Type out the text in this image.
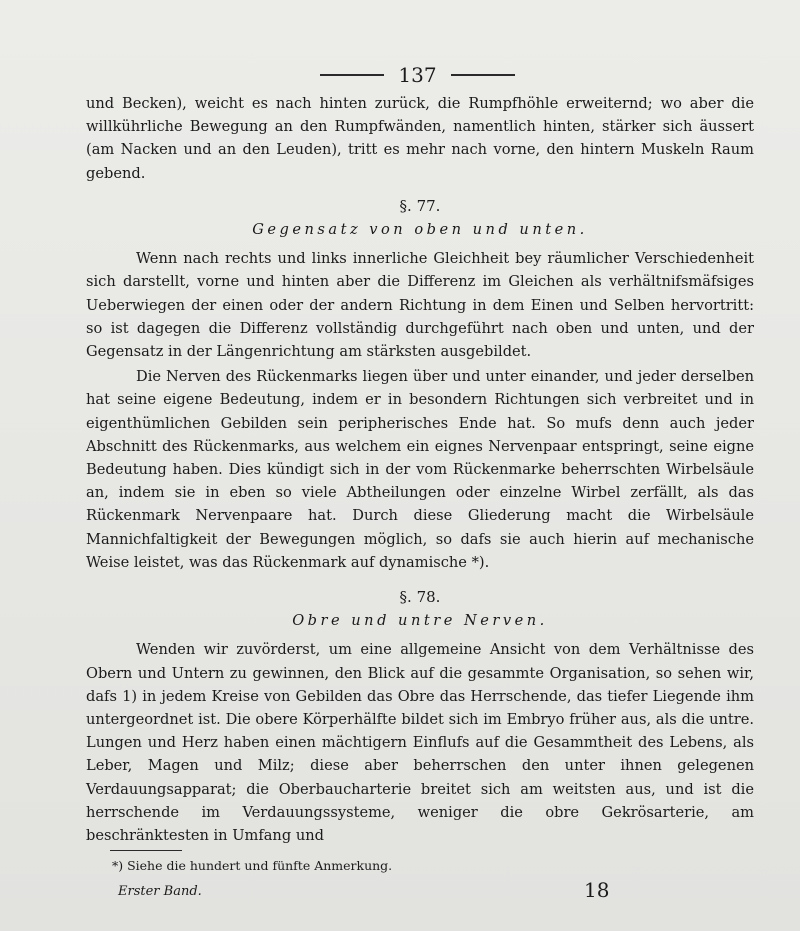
137

und Becken), weicht es nach hinten zurück, die Rumpfhöhle erweiternd; wo aber die willkührliche Bewegung an den Rumpfwänden, namentlich hinten, stärker sich äussert (am Nacken und an den Leuden), tritt es mehr nach vorne, den hintern Muskeln Raum gebend.

§. 77.

Gegensatz von oben und unten.

Wenn nach rechts und links innerliche Gleichheit bey räumlicher Verschiedenheit sich darstellt, vorne und hinten aber die Differenz im Gleichen als verhältnifsmäfsiges Ueberwiegen der einen oder der andern Richtung in dem Einen und Selben hervortritt: so ist dagegen die Differenz vollständig durchgeführt nach oben und unten, und der Gegensatz in der Längenrichtung am stärksten ausgebildet.

Die Nerven des Rückenmarks liegen über und unter einander, und jeder derselben hat seine eigene Bedeutung, indem er in besondern Richtungen sich verbreitet und in eigenthümlichen Gebilden sein peripherisches Ende hat. So mufs denn auch jeder Abschnitt des Rückenmarks, aus welchem ein eignes Nervenpaar entspringt, seine eigne Bedeutung haben. Dies kündigt sich in der vom Rückenmarke beherrschten Wirbelsäule an, indem sie in eben so viele Abtheilungen oder einzelne Wirbel zerfällt, als das Rückenmark Nervenpaare hat. Durch diese Gliederung macht die Wirbelsäule Mannichfaltigkeit der Bewegungen möglich, so dafs sie auch hierin auf mechanische Weise leistet, was das Rückenmark auf dynamische *).

§. 78.

Obre und untre Nerven.

Wenden wir zuvörderst, um eine allgemeine Ansicht von dem Verhältnisse des Obern und Untern zu gewinnen, den Blick auf die gesammte Organisation, so sehen wir, dafs 1) in jedem Kreise von Gebilden das Obre das Herrschende, das tiefer Liegende ihm untergeordnet ist. Die obere Körperhälfte bildet sich im Embryo früher aus, als die untre. Lungen und Herz haben einen mächtigern Einflufs auf die Gesammtheit des Lebens, als Leber, Magen und Milz; diese aber beherrschen den unter ihnen gelegenen Verdauungsapparat; die Oberbaucharterie breitet sich am weitsten aus, und ist die herrschende im Verdauungssysteme, weniger die obre Gekrösarterie, am beschränktesten in Umfang und

*) Siehe die hundert und fünfte Anmerkung.
Erster Band.	18
